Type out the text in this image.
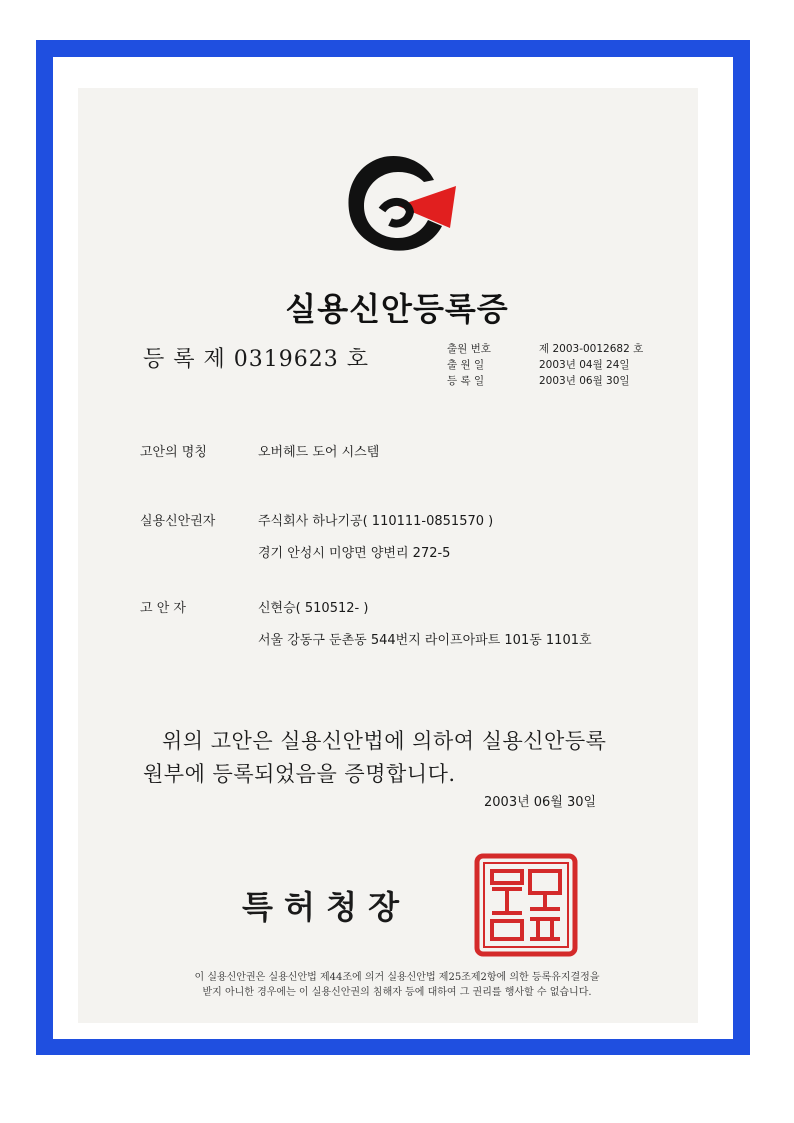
실용신안등록증
등 록 제 0319623 호	출원 번호	제 2003-0012682 호
출 원 일	2003년 04월 24일
등 록 일	2003년 06월 30일
고안의 명칭	오버헤드 도어 시스템
실용신안권자	주식회사 하나기공( 110111-0851570 )
경기 안성시 미양면 양변리 272-5
고 안 자	신현승( 510512- )
서울 강동구 둔촌동 544번지 라이프아파트 101동 1101호
위의 고안은 실용신안법에 의하여 실용신안등록
원부에 등록되었음을 증명합니다.
2003년 06월 30일
특 허 청 장
이 실용신안권은 실용신안법 제44조에 의거 실용신안법 제25조제2항에 의한 등록유지결정을
받지 아니한 경우에는 이 실용신안권의 침해자 등에 대하여 그 권리를 행사할 수 없습니다.
